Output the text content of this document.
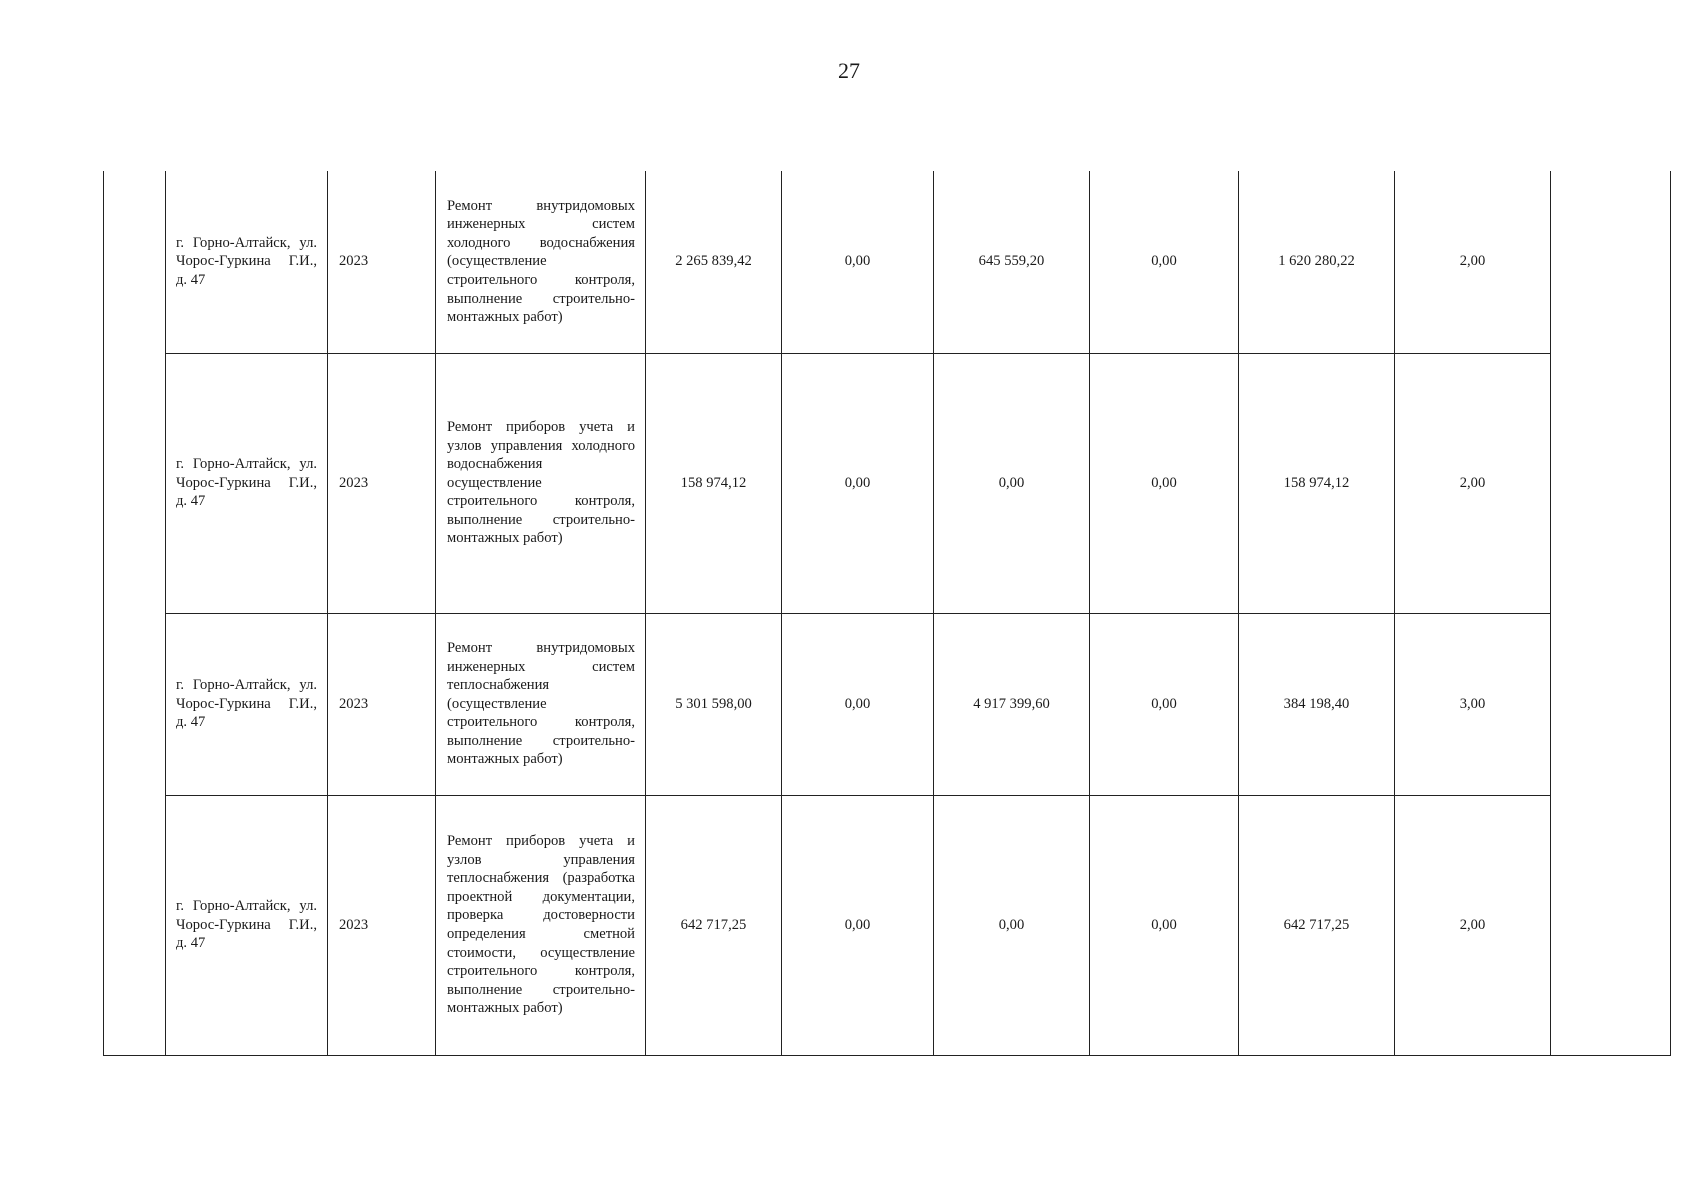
27
	г. Горно-Алтайск, ул. Чорос-Гуркина Г.И., д. 47	2023	Ремонт внутридомовых инженерных систем холодного водоснабжения (осуществление строительного контроля, выполнение строительно-монтажных работ)	2 265 839,42	0,00	645 559,20	0,00	1 620 280,22	2,00	
	г. Горно-Алтайск, ул. Чорос-Гуркина Г.И., д. 47	2023	Ремонт приборов учета и узлов управления холодного водоснабжения осуществление строительного контроля, выполнение строительно-монтажных работ)	158 974,12	0,00	0,00	0,00	158 974,12	2,00	
	г. Горно-Алтайск, ул. Чорос-Гуркина Г.И., д. 47	2023	Ремонт внутридомовых инженерных систем теплоснабжения (осуществление строительного контроля, выполнение строительно-монтажных работ)	5 301 598,00	0,00	4 917 399,60	0,00	384 198,40	3,00	
	г. Горно-Алтайск, ул. Чорос-Гуркина Г.И., д. 47	2023	Ремонт приборов учета и узлов управления теплоснабжения (разработка проектной документации, проверка достоверности определения сметной стоимости, осуществление строительного контроля, выполнение строительно-монтажных работ)	642 717,25	0,00	0,00	0,00	642 717,25	2,00	
